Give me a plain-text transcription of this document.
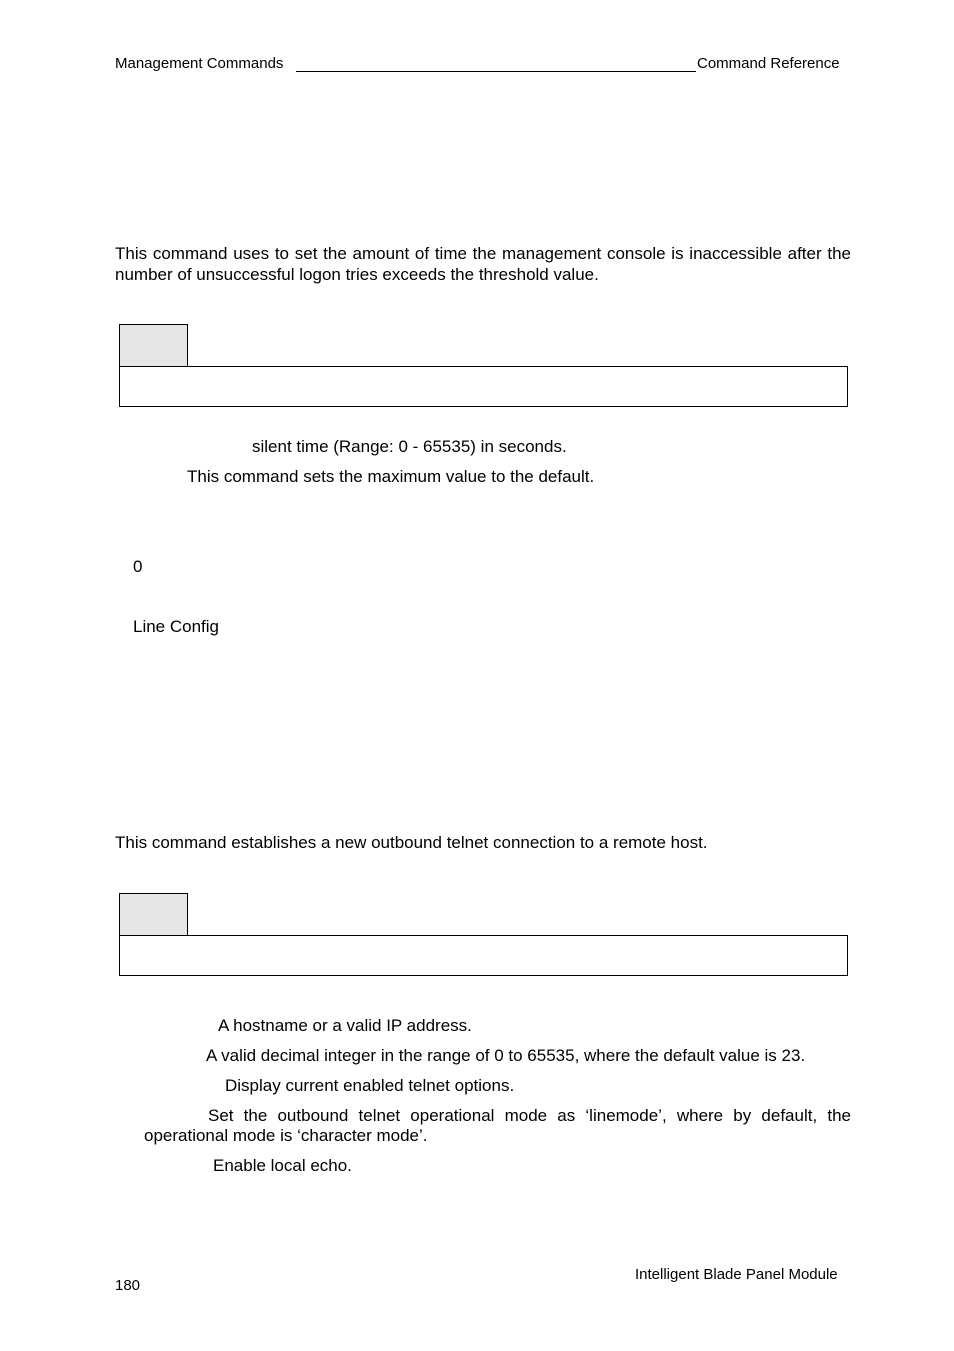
Management Commands	Command Reference
This command uses to set the amount of time the management console is inaccessible after the number of unsuccessful logon tries exceeds the threshold value.
silent time (Range: 0 - 65535) in seconds.
This command sets the maximum value to the default.
0
Line Config
This command establishes a new outbound telnet connection to a remote host.
A hostname or a valid IP address.
A valid decimal integer in the range of 0 to 65535, where the default value is 23.
Display current enabled telnet options.
Set the outbound telnet operational mode as ‘linemode’, where by default, the operational mode is ‘character mode’.
Enable local echo.
180
Intelligent Blade Panel Module
